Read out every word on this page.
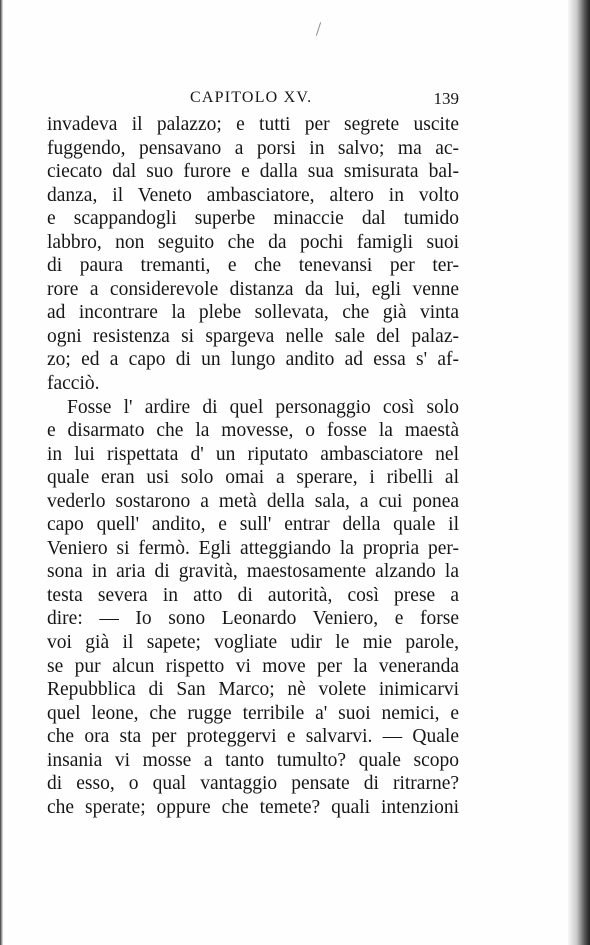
CAPITOLO XV.	139
invadeva il palazzo; e tutti per segrete uscite
fuggendo, pensavano a porsi in salvo; ma ac-
ciecato dal suo furore e dalla sua smisurata bal-
danza, il Veneto ambasciatore, altero in volto
e scappandogli superbe minaccie dal tumido
labbro, non seguito che da pochi famigli suoi
di paura tremanti, e che tenevansi per ter-
rore a considerevole distanza da lui, egli venne
ad incontrare la plebe sollevata, che già vinta
ogni resistenza si spargeva nelle sale del palaz-
zo; ed a capo di un lungo andito ad essa s' af-
facciò.
Fosse l' ardire di quel personaggio così solo
e disarmato che la movesse, o fosse la maestà
in lui rispettata d' un riputato ambasciatore nel
quale eran usi solo omai a sperare, i ribelli al
vederlo sostarono a metà della sala, a cui ponea
capo quell' andito, e sull' entrar della quale il
Veniero si fermò. Egli atteggiando la propria per-
sona in aria di gravità, maestosamente alzando la
testa severa in atto di autorità, così prese a
dire: — Io sono Leonardo Veniero, e forse
voi già il sapete; vogliate udir le mie parole,
se pur alcun rispetto vi move per la veneranda
Repubblica di San Marco; nè volete inimicarvi
quel leone, che rugge terribile a' suoi nemici, e
che ora sta per proteggervi e salvarvi. — Quale
insania vi mosse a tanto tumulto? quale scopo
di esso, o qual vantaggio pensate di ritrarne?
che sperate; oppure che temete? quali intenzioni
